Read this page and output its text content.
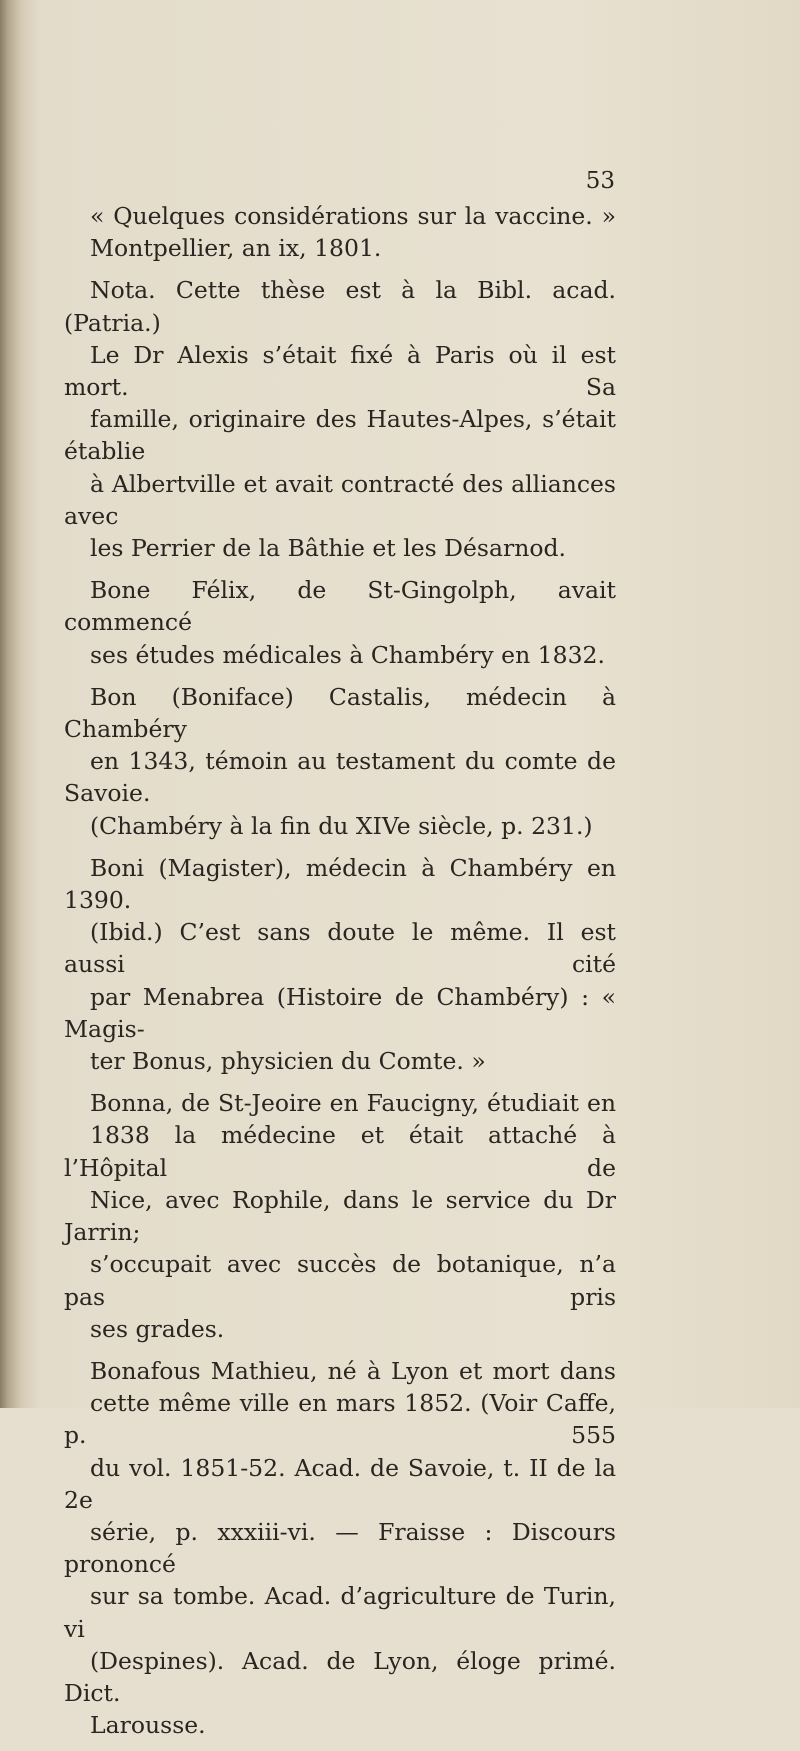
53
« Quelques considérations sur la vaccine. »
Montpellier, an ix, 1801.
Nota. Cette thèse est à la Bibl. acad. (Patria.)
Le Dr Alexis s’était fixé à Paris où il est mort. Sa
famille, originaire des Hautes-Alpes, s’était établie
à Albertville et avait contracté des alliances avec
les Perrier de la Bâthie et les Désarnod.
Bone Félix, de St-Gingolph, avait commencé
ses études médicales à Chambéry en 1832.
Bon (Boniface) Castalis, médecin à Chambéry
en 1343, témoin au testament du comte de Savoie.
(Chambéry à la fin du XIVe siècle, p. 231.)
Boni (Magister), médecin à Chambéry en 1390.
(Ibid.) C’est sans doute le même. Il est aussi cité
par Menabrea (Histoire de Chambéry) : « Magis-
ter Bonus, physicien du Comte. »
Bonna, de St-Jeoire en Faucigny, étudiait en
1838 la médecine et était attaché à l’Hôpital de
Nice, avec Rophile, dans le service du Dr Jarrin;
s’occupait avec succès de botanique, n’a pas pris
ses grades.
Bonafous Mathieu, né à Lyon et mort dans
cette même ville en mars 1852. (Voir Caffe, p. 555
du vol. 1851-52. Acad. de Savoie, t. II de la 2e
série, p. xxxiii-vi. — Fraisse : Discours prononcé
sur sa tombe. Acad. d’agriculture de Turin, vi
(Despines). Acad. de Lyon, éloge primé. Dict.
Larousse.
